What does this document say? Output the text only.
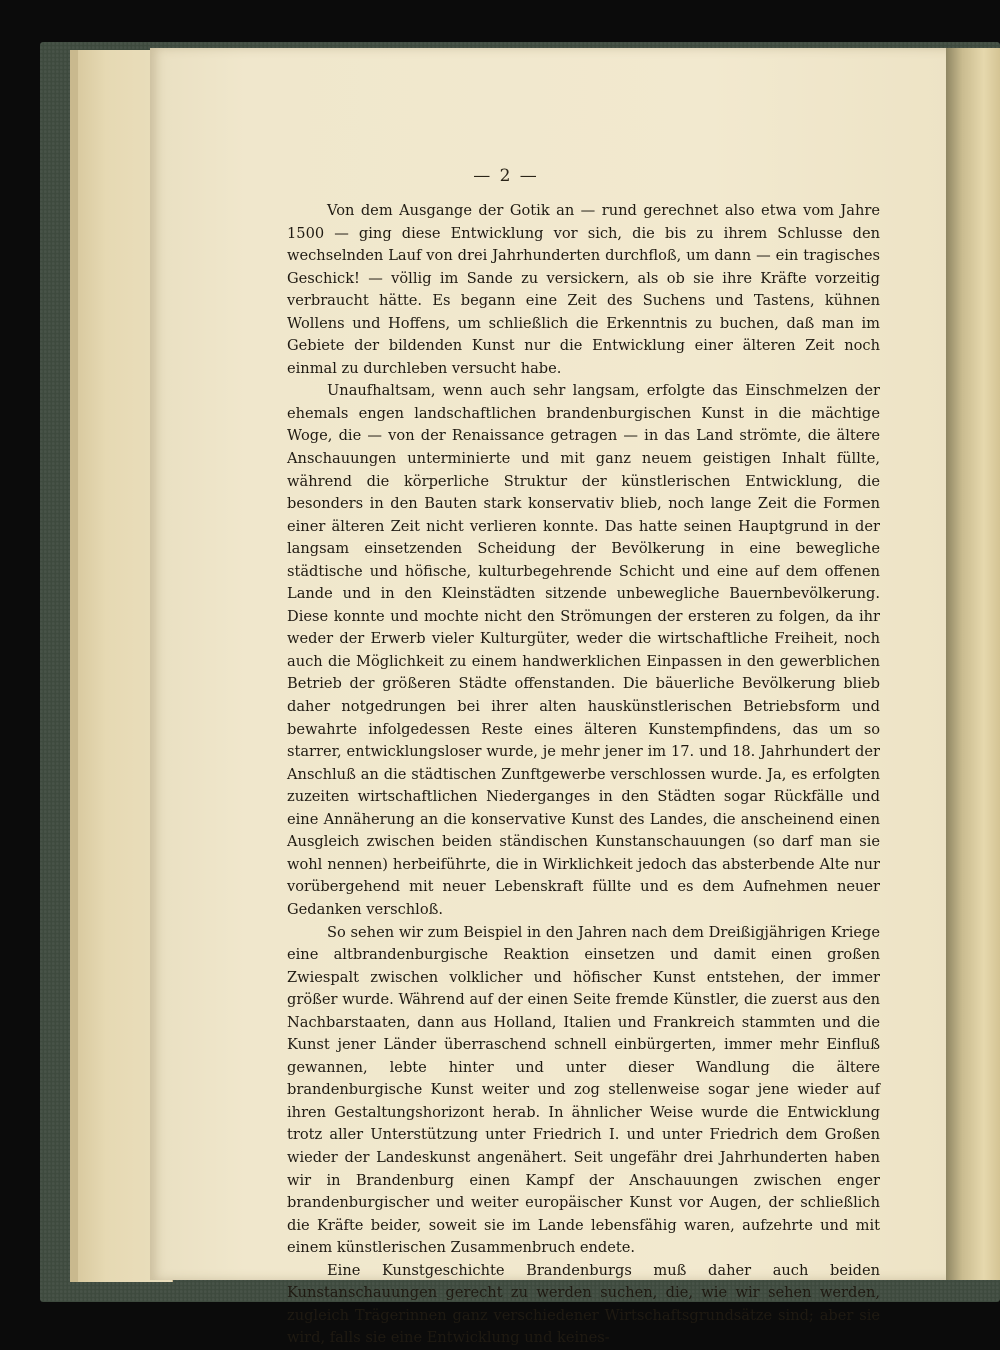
— 2 —

Von dem Ausgange der Gotik an — rund gerechnet also etwa vom Jahre 1500 — ging diese Entwicklung vor sich, die bis zu ihrem Schlusse den wechselnden Lauf von drei Jahrhunderten durchfloß, um dann — ein tragisches Geschick! — völlig im Sande zu versickern, als ob sie ihre Kräfte vorzeitig verbraucht hätte. Es begann eine Zeit des Suchens und Tastens, kühnen Wollens und Hoffens, um schließlich die Erkenntnis zu buchen, daß man im Gebiete der bildenden Kunst nur die Entwicklung einer älteren Zeit noch einmal zu durchleben versucht habe.

Unaufhaltsam, wenn auch sehr langsam, erfolgte das Einschmelzen der ehemals engen landschaftlichen brandenburgischen Kunst in die mächtige Woge, die — von der Renaissance getragen — in das Land strömte, die ältere Anschauungen unterminierte und mit ganz neuem geistigen Inhalt füllte, während die körperliche Struktur der künstlerischen Entwicklung, die besonders in den Bauten stark konservativ blieb, noch lange Zeit die Formen einer älteren Zeit nicht verlieren konnte. Das hatte seinen Hauptgrund in der langsam einsetzenden Scheidung der Bevölkerung in eine bewegliche städtische und höfische, kulturbegehrende Schicht und eine auf dem offenen Lande und in den Kleinstädten sitzende unbewegliche Bauernbevölkerung. Diese konnte und mochte nicht den Strömungen der ersteren zu folgen, da ihr weder der Erwerb vieler Kulturgüter, weder die wirtschaftliche Freiheit, noch auch die Möglichkeit zu einem handwerklichen Einpassen in den gewerblichen Betrieb der größeren Städte offenstanden. Die bäuerliche Bevölkerung blieb daher notgedrungen bei ihrer alten hauskünstlerischen Betriebsform und bewahrte infolgedessen Reste eines älteren Kunstempfindens, das um so starrer, entwicklungsloser wurde, je mehr jener im 17. und 18. Jahrhundert der Anschluß an die städtischen Zunftgewerbe verschlossen wurde. Ja, es erfolgten zuzeiten wirtschaftlichen Niederganges in den Städten sogar Rückfälle und eine Annäherung an die konservative Kunst des Landes, die anscheinend einen Ausgleich zwischen beiden ständischen Kunstanschauungen (so darf man sie wohl nennen) herbeiführte, die in Wirklichkeit jedoch das absterbende Alte nur vorübergehend mit neuer Lebenskraft füllte und es dem Aufnehmen neuer Gedanken verschloß.

So sehen wir zum Beispiel in den Jahren nach dem Dreißigjährigen Kriege eine altbrandenburgische Reaktion einsetzen und damit einen großen Zwiespalt zwischen volklicher und höfischer Kunst entstehen, der immer größer wurde. Während auf der einen Seite fremde Künstler, die zuerst aus den Nachbarstaaten, dann aus Holland, Italien und Frankreich stammten und die Kunst jener Länder überraschend schnell einbürgerten, immer mehr Einfluß gewannen, lebte hinter und unter dieser Wandlung die ältere brandenburgische Kunst weiter und zog stellenweise sogar jene wieder auf ihren Gestaltungshorizont herab. In ähnlicher Weise wurde die Entwicklung trotz aller Unterstützung unter Friedrich I. und unter Friedrich dem Großen wieder der Landeskunst angenähert. Seit ungefähr drei Jahrhunderten haben wir in Brandenburg einen Kampf der Anschauungen zwischen enger brandenburgischer und weiter europäischer Kunst vor Augen, der schließlich die Kräfte beider, soweit sie im Lande lebensfähig waren, aufzehrte und mit einem künstlerischen Zusammenbruch endete.

Eine Kunstgeschichte Brandenburgs muß daher auch beiden Kunstanschauungen gerecht zu werden suchen, die, wie wir sehen werden, zugleich Trägerinnen ganz verschiedener Wirtschaftsgrundsätze sind; aber sie wird, falls sie eine Entwicklung und keines-
